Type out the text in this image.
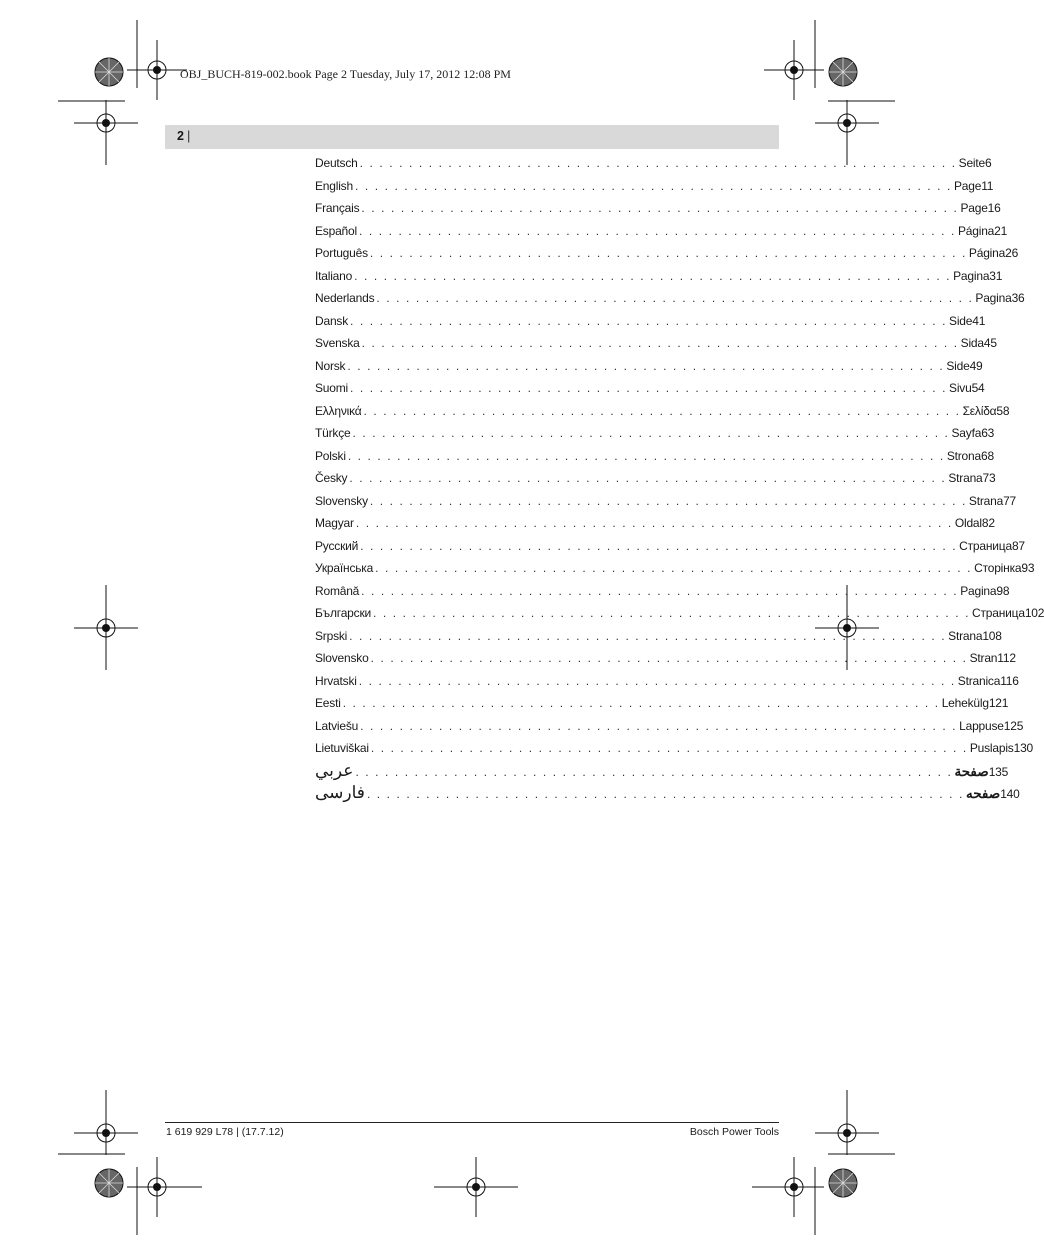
OBJ_BUCH-819-002.book Page 2 Tuesday, July 17, 2012 12:08 PM
2 |
Deutsch . . . . . . . . . . . . . . . . . . . . . . . . . . . . . . . . . . . . . . . . . . . . . . . . . . . . . . . . . . . . . Seite 6
English . . . . . . . . . . . . . . . . . . . . . . . . . . . . . . . . . . . . . . . . . . . . . . . . . . . . . . . . . . . . . Page 11
Français . . . . . . . . . . . . . . . . . . . . . . . . . . . . . . . . . . . . . . . . . . . . . . . . . . . . . . . . . . . . . Page 16
Español . . . . . . . . . . . . . . . . . . . . . . . . . . . . . . . . . . . . . . . . . . . . . . . . . . . . . . . . . . . . . Página 21
Português . . . . . . . . . . . . . . . . . . . . . . . . . . . . . . . . . . . . . . . . . . . . . . . . . . . . . . . . . . . . . Página 26
Italiano . . . . . . . . . . . . . . . . . . . . . . . . . . . . . . . . . . . . . . . . . . . . . . . . . . . . . . . . . . . . . Pagina 31
Nederlands . . . . . . . . . . . . . . . . . . . . . . . . . . . . . . . . . . . . . . . . . . . . . . . . . . . . . . . . . . . . . Pagina 36
Dansk . . . . . . . . . . . . . . . . . . . . . . . . . . . . . . . . . . . . . . . . . . . . . . . . . . . . . . . . . . . . . Side 41
Svenska . . . . . . . . . . . . . . . . . . . . . . . . . . . . . . . . . . . . . . . . . . . . . . . . . . . . . . . . . . . . . Sida 45
Norsk . . . . . . . . . . . . . . . . . . . . . . . . . . . . . . . . . . . . . . . . . . . . . . . . . . . . . . . . . . . . . Side 49
Suomi . . . . . . . . . . . . . . . . . . . . . . . . . . . . . . . . . . . . . . . . . . . . . . . . . . . . . . . . . . . . . Sivu 54
Ελληνικά . . . . . . . . . . . . . . . . . . . . . . . . . . . . . . . . . . . . . . . . . . . . . . . . . . . . . . . . . . . . . Σελίδα 58
Türkçe . . . . . . . . . . . . . . . . . . . . . . . . . . . . . . . . . . . . . . . . . . . . . . . . . . . . . . . . . . . . . Sayfa 63
Polski . . . . . . . . . . . . . . . . . . . . . . . . . . . . . . . . . . . . . . . . . . . . . . . . . . . . . . . . . . . . . Strona 68
Česky . . . . . . . . . . . . . . . . . . . . . . . . . . . . . . . . . . . . . . . . . . . . . . . . . . . . . . . . . . . . . Strana 73
Slovensky . . . . . . . . . . . . . . . . . . . . . . . . . . . . . . . . . . . . . . . . . . . . . . . . . . . . . . . . . . . . . Strana 77
Magyar . . . . . . . . . . . . . . . . . . . . . . . . . . . . . . . . . . . . . . . . . . . . . . . . . . . . . . . . . . . . . Oldal 82
Русский . . . . . . . . . . . . . . . . . . . . . . . . . . . . . . . . . . . . . . . . . . . . . . . . . . . . . . . . . . . . . Страница 87
Українська . . . . . . . . . . . . . . . . . . . . . . . . . . . . . . . . . . . . . . . . . . . . . . . . . . . . . . . . . . . . . Сторінка 93
Română . . . . . . . . . . . . . . . . . . . . . . . . . . . . . . . . . . . . . . . . . . . . . . . . . . . . . . . . . . . . . Pagina 98
Български . . . . . . . . . . . . . . . . . . . . . . . . . . . . . . . . . . . . . . . . . . . . . . . . . . . . . . . . . . . . . Страница 102
Srpski . . . . . . . . . . . . . . . . . . . . . . . . . . . . . . . . . . . . . . . . . . . . . . . . . . . . . . . . . . . . . Strana 108
Slovensko . . . . . . . . . . . . . . . . . . . . . . . . . . . . . . . . . . . . . . . . . . . . . . . . . . . . . . . . . . . . . Stran 112
Hrvatski . . . . . . . . . . . . . . . . . . . . . . . . . . . . . . . . . . . . . . . . . . . . . . . . . . . . . . . . . . . . . Stranica 116
Eesti . . . . . . . . . . . . . . . . . . . . . . . . . . . . . . . . . . . . . . . . . . . . . . . . . . . . . . . . . . . . . Lehekülg 121
Latviešu . . . . . . . . . . . . . . . . . . . . . . . . . . . . . . . . . . . . . . . . . . . . . . . . . . . . . . . . . . . . . Lappuse 125
Lietuviškai . . . . . . . . . . . . . . . . . . . . . . . . . . . . . . . . . . . . . . . . . . . . . . . . . . . . . . . . . . . . . Puslapis 130
عربي . . . . . . . . . . . . . . . . . . . . . . . . . . . . . . . . . . . . . . . . . . . . . . . . . . . . . . . . . . . . . صفحة 135
فارسی . . . . . . . . . . . . . . . . . . . . . . . . . . . . . . . . . . . . . . . . . . . . . . . . . . . . . . . . . . . . . صفحه 140
1 619 929 L78 | (17.7.12)	Bosch Power Tools
